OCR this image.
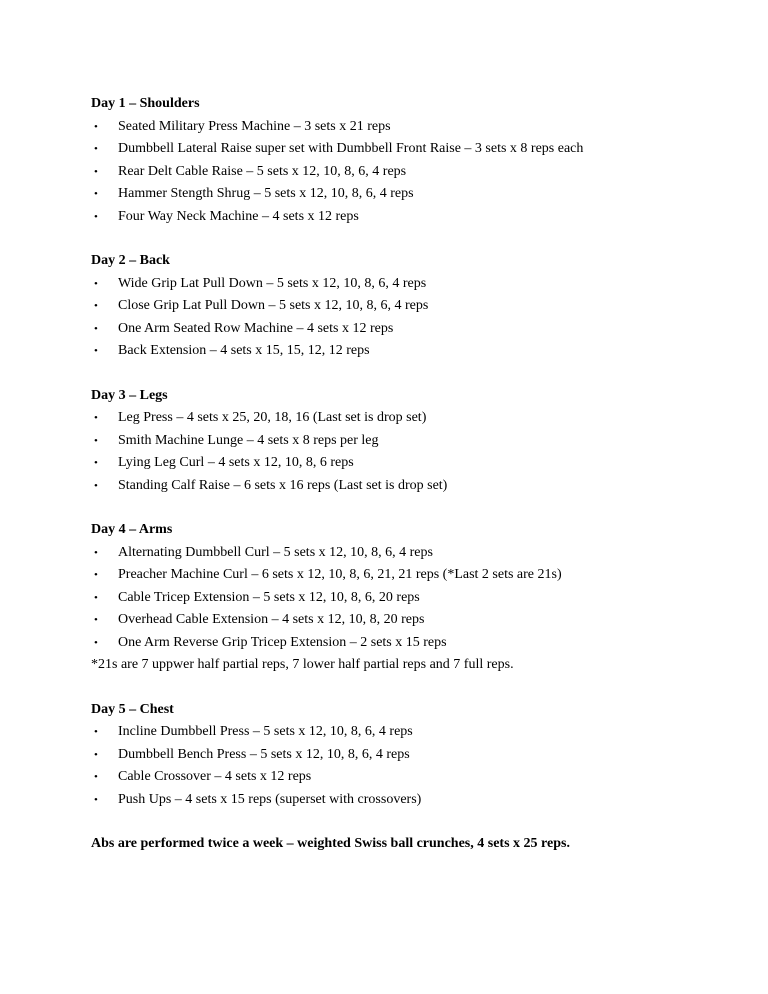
Day 1 – Shoulders
• Seated Military Press Machine – 3 sets x 21 reps
• Dumbbell Lateral Raise super set with Dumbbell Front Raise – 3 sets x 8 reps each
• Rear Delt Cable Raise – 5 sets x 12, 10, 8, 6, 4 reps
• Hammer Stength Shrug – 5 sets x 12, 10, 8, 6, 4 reps
• Four Way Neck Machine – 4 sets x 12 reps
Day 2 – Back
• Wide Grip Lat Pull Down – 5 sets x 12, 10, 8, 6, 4 reps
• Close Grip Lat Pull Down – 5 sets x 12, 10, 8, 6, 4 reps
• One Arm Seated Row Machine – 4 sets x 12 reps
• Back Extension – 4 sets x 15, 15, 12, 12 reps
Day 3 – Legs
• Leg Press – 4 sets x 25, 20, 18, 16 (Last set is drop set)
• Smith Machine Lunge – 4 sets x 8 reps per leg
• Lying Leg Curl – 4 sets x 12, 10, 8, 6 reps
• Standing Calf Raise – 6 sets x 16 reps (Last set is drop set)
Day 4 – Arms
• Alternating Dumbbell Curl – 5 sets x 12, 10, 8, 6, 4 reps
• Preacher Machine Curl – 6 sets x 12, 10, 8, 6, 21, 21 reps (*Last 2 sets are 21s)
• Cable Tricep Extension – 5 sets x 12, 10, 8, 6, 20 reps
• Overhead Cable Extension – 4 sets x 12, 10, 8, 20 reps
• One Arm Reverse Grip Tricep Extension – 2 sets x 15 reps
*21s are 7 uppwer half partial reps, 7 lower half partial reps and 7 full reps.
Day 5 – Chest
• Incline Dumbbell Press – 5 sets x 12, 10, 8, 6, 4 reps
• Dumbbell Bench Press – 5 sets x 12, 10, 8, 6, 4 reps
• Cable Crossover – 4 sets x 12 reps
• Push Ups – 4 sets x 15 reps (superset with crossovers)
Abs are performed twice a week – weighted Swiss ball crunches, 4 sets x 25 reps.
